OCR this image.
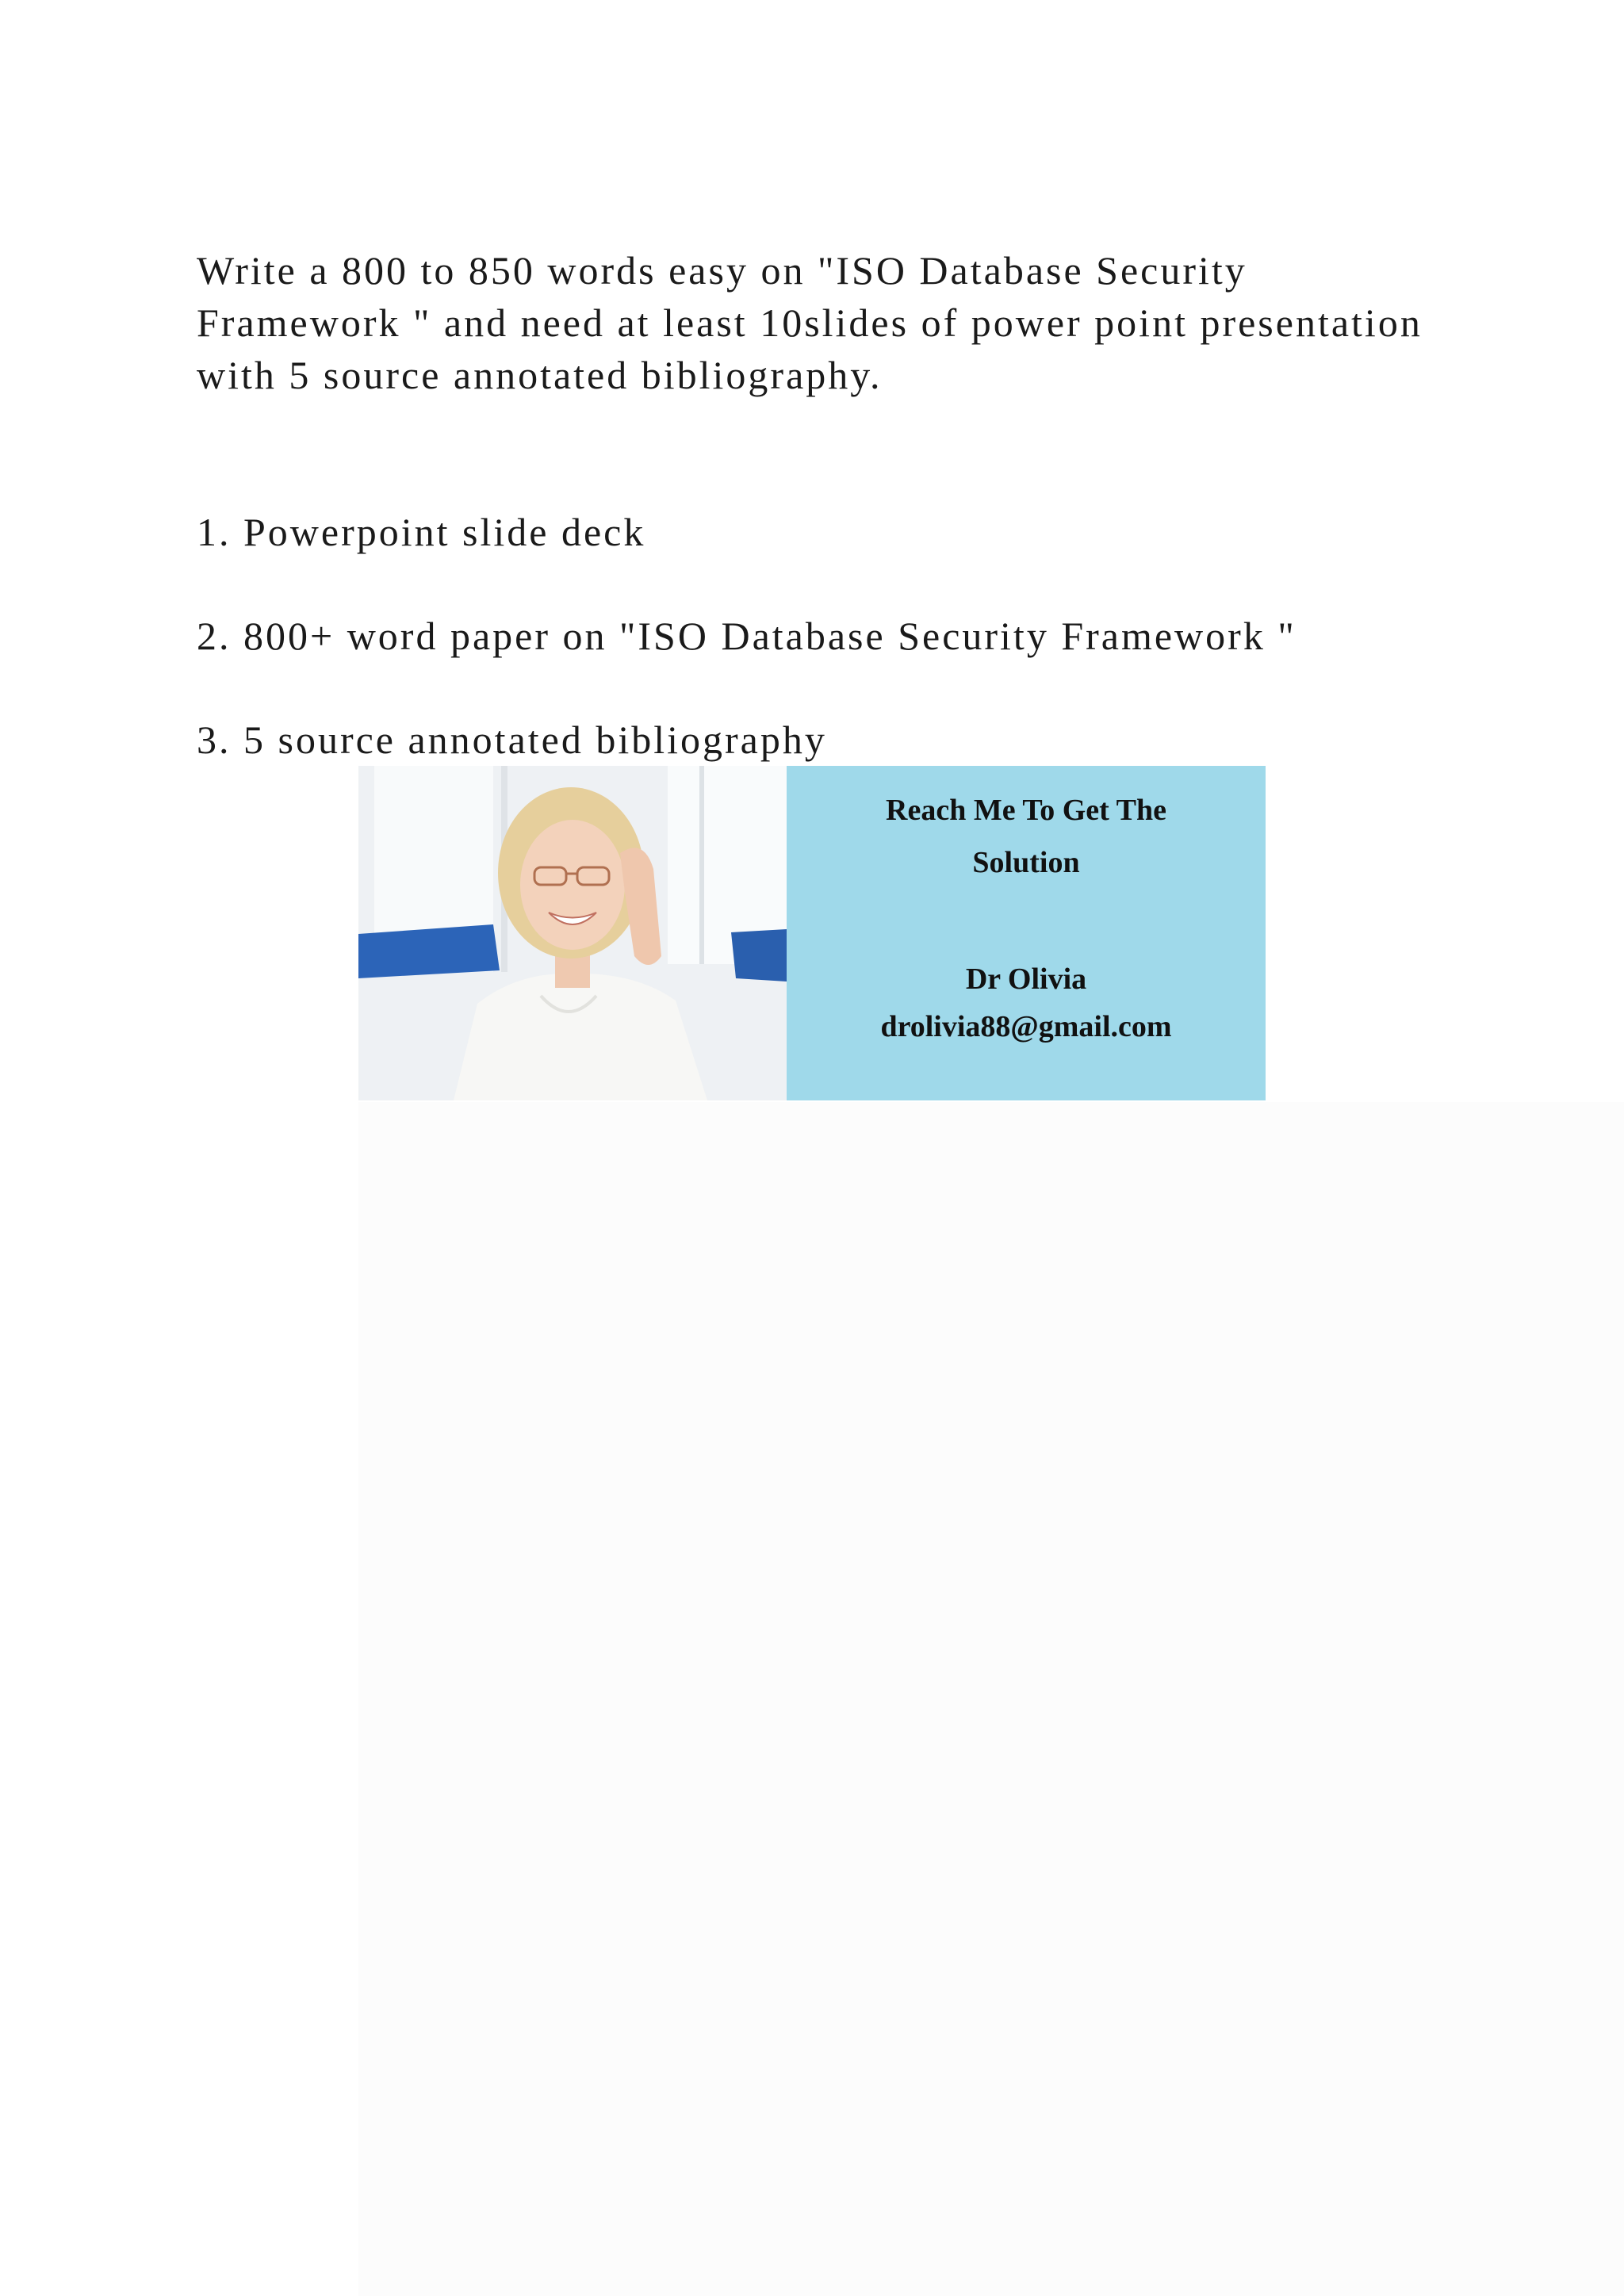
Write a 800 to 850 words easy on "ISO Database Security Framework " and need at least 10slides of power point presentation with 5 source annotated bibliography.

1. Powerpoint slide deck

2. 800+ word paper on "ISO Database Security Framework "

3. 5 source annotated bibliography

Reach Me To Get The
Solution
Dr Olivia
drolivia88@gmail.com
